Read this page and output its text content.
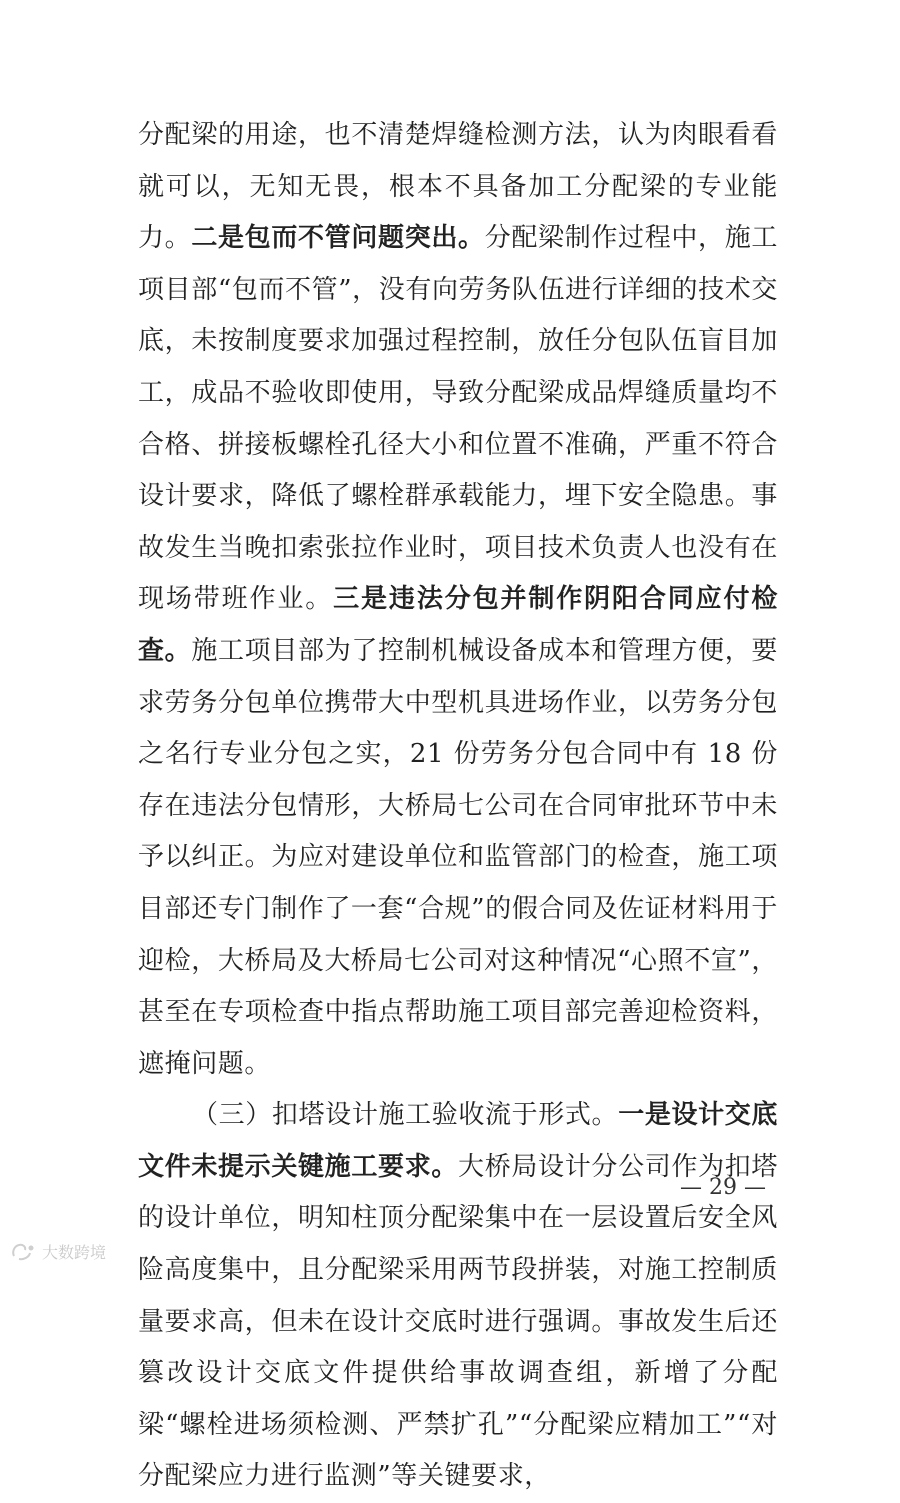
分配梁的用途，也不清楚焊缝检测方法，认为肉眼看看就可以，无知无畏，根本不具备加工分配梁的专业能力。二是包而不管问题突出。分配梁制作过程中，施工项目部“包而不管”，没有向劳务队伍进行详细的技术交底，未按制度要求加强过程控制，放任分包队伍盲目加工，成品不验收即使用，导致分配梁成品焊缝质量均不合格、拼接板螺栓孔径大小和位置不准确，严重不符合设计要求，降低了螺栓群承载能力，埋下安全隐患。事故发生当晚扣索张拉作业时，项目技术负责人也没有在现场带班作业。三是违法分包并制作阴阳合同应付检查。施工项目部为了控制机械设备成本和管理方便，要求劳务分包单位携带大中型机具进场作业，以劳务分包之名行专业分包之实，21 份劳务分包合同中有 18 份存在违法分包情形，大桥局七公司在合同审批环节中未予以纠正。为应对建设单位和监管部门的检查，施工项目部还专门制作了一套“合规”的假合同及佐证材料用于迎检，大桥局及大桥局七公司对这种情况“心照不宣”，甚至在专项检查中指点帮助施工项目部完善迎检资料，遮掩问题。

（三）扣塔设计施工验收流于形式。一是设计交底文件未提示关键施工要求。大桥局设计分公司作为扣塔的设计单位，明知柱顶分配梁集中在一层设置后安全风险高度集中，且分配梁采用两节段拼装，对施工控制质量要求高，但未在设计交底时进行强调。事故发生后还篡改设计交底文件提供给事故调查组，新增了分配梁“螺栓进场须检测、严禁扩孔”“分配梁应精加工”“对分配梁应力进行监测”等关键要求，

— 29 —
大数跨境
